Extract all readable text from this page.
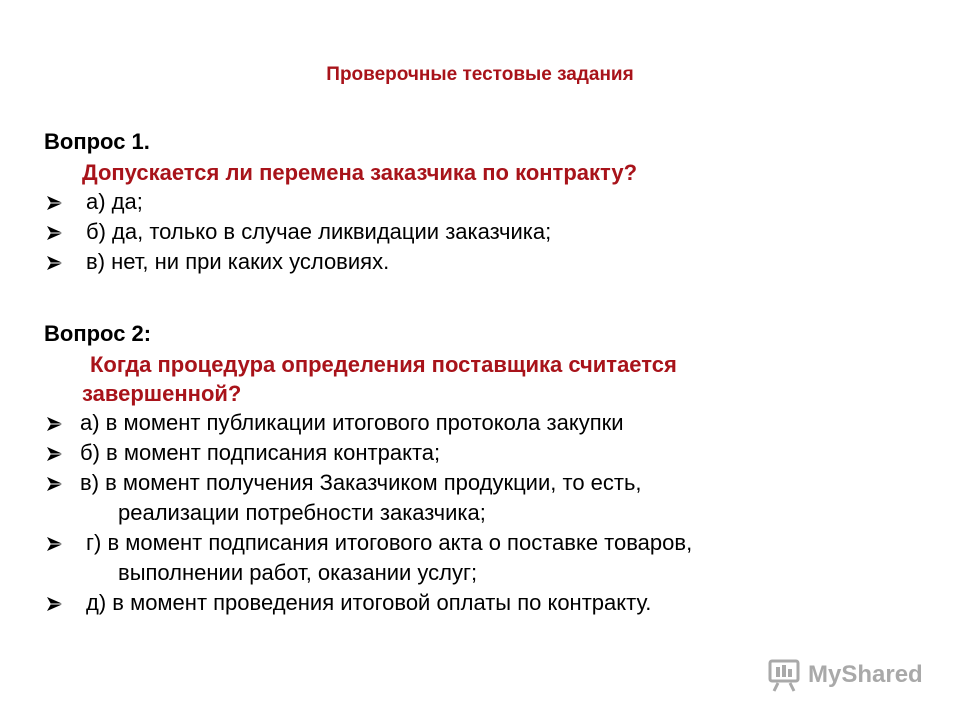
Проверочные тестовые задания
Вопрос 1.
Допускается ли перемена заказчика по контракту?
а) да;
б) да, только в случае ликвидации заказчика;
в) нет, ни при каких условиях.
Вопрос 2:
Когда процедура определения поставщика считается
завершенной?
а) в момент публикации итогового протокола закупки
б) в момент подписания контракта;
в) в момент получения Заказчиком продукции, то есть,
реализации потребности заказчика;
г) в момент подписания итогового акта о поставке товаров,
выполнении работ, оказании услуг;
д) в момент проведения итоговой оплаты по контракту.
MyShared
